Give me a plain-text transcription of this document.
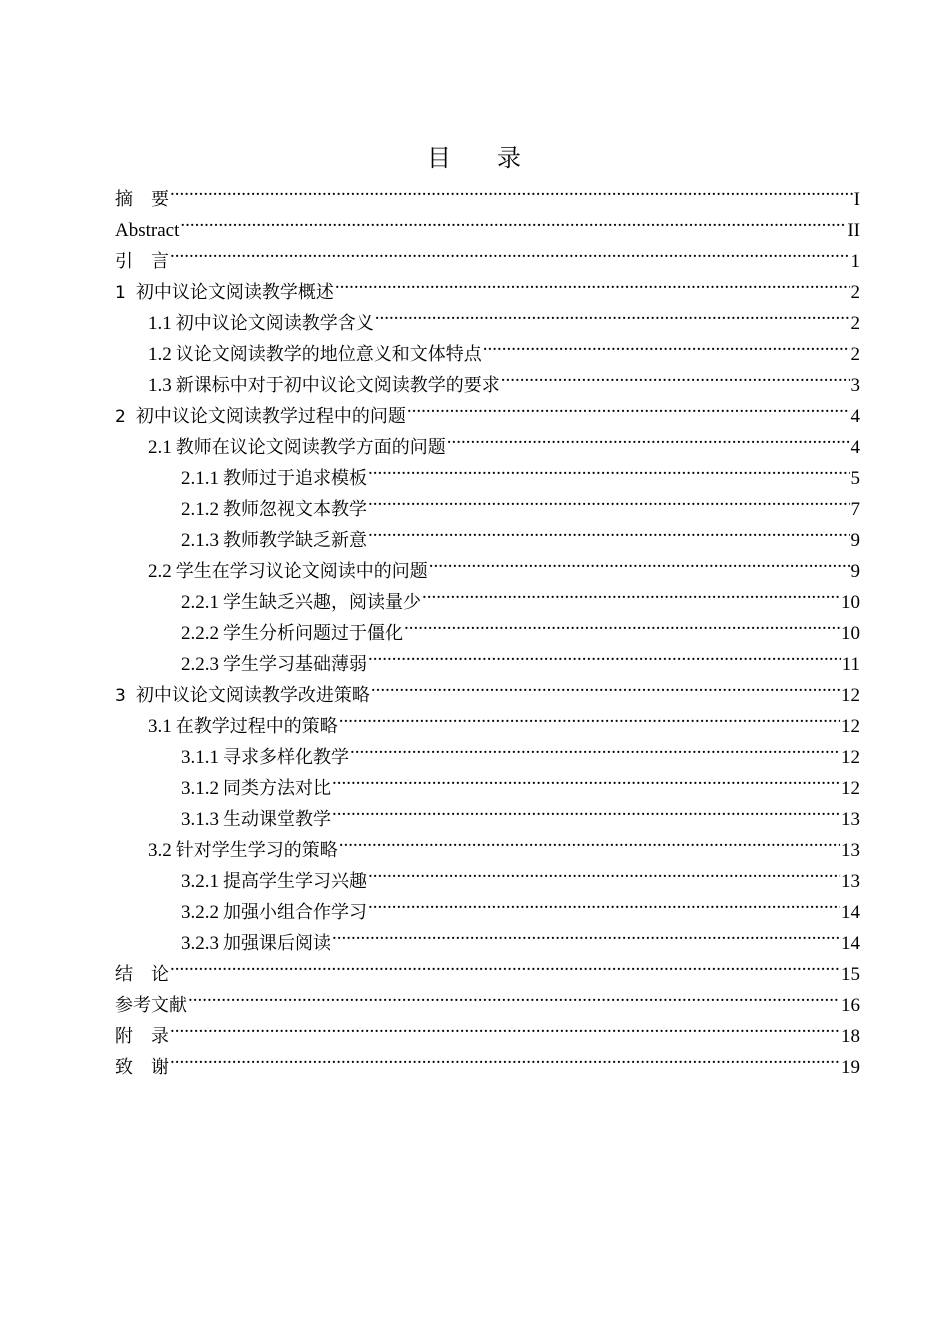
目 录
摘　要 .....	I
Abstract .....	II
引　言 .....	1
1 初中议论文阅读教学概述 .....	2
1.1 初中议论文阅读教学含义 .....	2
1.2 议论文阅读教学的地位意义和文体特点 .....	2
1.3 新课标中对于初中议论文阅读教学的要求 .....	3
2 初中议论文阅读教学过程中的问题 .....	4
2.1 教师在议论文阅读教学方面的问题 .....	4
2.1.1 教师过于追求模板 .....	5
2.1.2 教师忽视文本教学 .....	7
2.1.3 教师教学缺乏新意 .....	9
2.2 学生在学习议论文阅读中的问题 .....	9
2.2.1 学生缺乏兴趣，阅读量少 .....	10
2.2.2 学生分析问题过于僵化 .....	10
2.2.3 学生学习基础薄弱 .....	11
3 初中议论文阅读教学改进策略 .....	12
3.1 在教学过程中的策略 .....	12
3.1.1 寻求多样化教学 .....	12
3.1.2 同类方法对比 .....	12
3.1.3 生动课堂教学 .....	13
3.2 针对学生学习的策略 .....	13
3.2.1 提高学生学习兴趣 .....	13
3.2.2 加强小组合作学习 .....	14
3.2.3 加强课后阅读 .....	14
结　论 .....	15
参考文献 .....	16
附　录 .....	18
致　谢 .....	19
